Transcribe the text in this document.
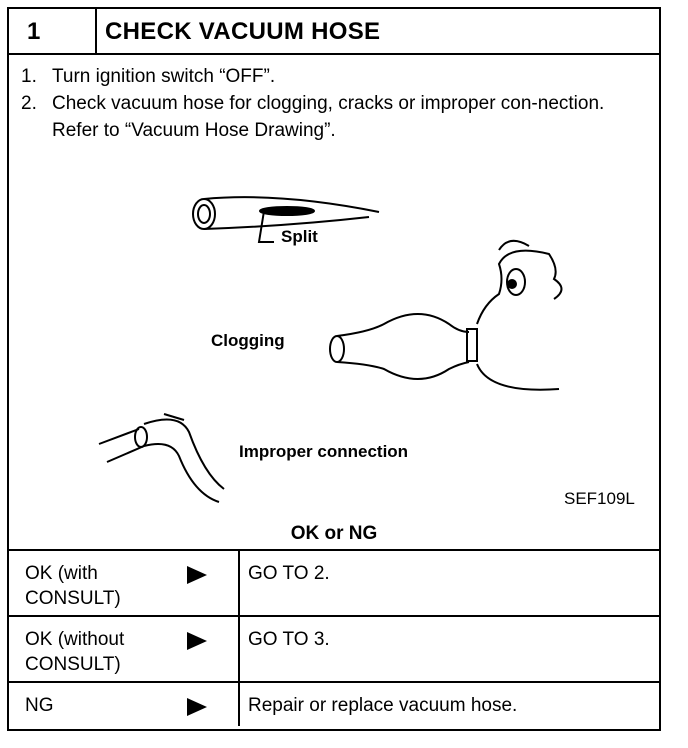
1	CHECK VACUUM HOSE
1. Turn ignition switch “OFF”.
2. Check vacuum hose for clogging, cracks or improper con-nection. Refer to “Vacuum Hose Drawing”.
Split
Clogging
Improper connection
SEF109L
OK or NG
OK (with CONSULT)	GO TO 2.

OK (without CONSULT)	GO TO 3.
NG	Repair or replace vacuum hose.
